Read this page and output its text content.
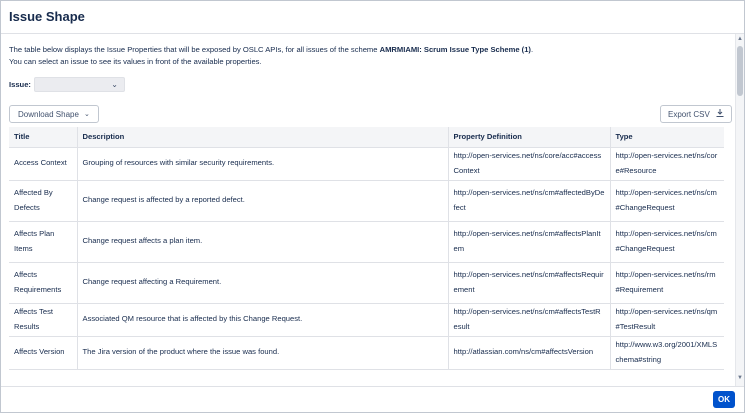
Issue Shape
The table below displays the Issue Properties that will be exposed by OSLC APIs, for all issues of the scheme AMRMIAMI: Scrum Issue Type Scheme (1).
You can select an issue to see its values in front of the available properties.
Issue:	⌄
Download Shape ⌄	Export CSV
Title	Description	Property Definition	Type
Access Context	Grouping of resources with similar security requirements.	http://open-services.net/ns/core/acc#accessContext	http://open-services.net/ns/core#Resource
Affected By Defects	Change request is affected by a reported defect.	http://open-services.net/ns/cm#affectedByDefect	http://open-services.net/ns/cm#ChangeRequest
Affects Plan Items	Change request affects a plan item.	http://open-services.net/ns/cm#affectsPlanItem	http://open-services.net/ns/cm#ChangeRequest
Affects Requirements	Change request affecting a Requirement.	http://open-services.net/ns/cm#affectsRequirement	http://open-services.net/ns/rm#Requirement
Affects Test Results	Associated QM resource that is affected by this Change Request.	http://open-services.net/ns/cm#affectsTestResult	http://open-services.net/ns/qm#TestResult
Affects Version	The Jira version of the product where the issue was found.	http://atlassian.com/ns/cm#affectsVersion	http://www.w3.org/2001/XMLSchema#string
▲
▼
OK
